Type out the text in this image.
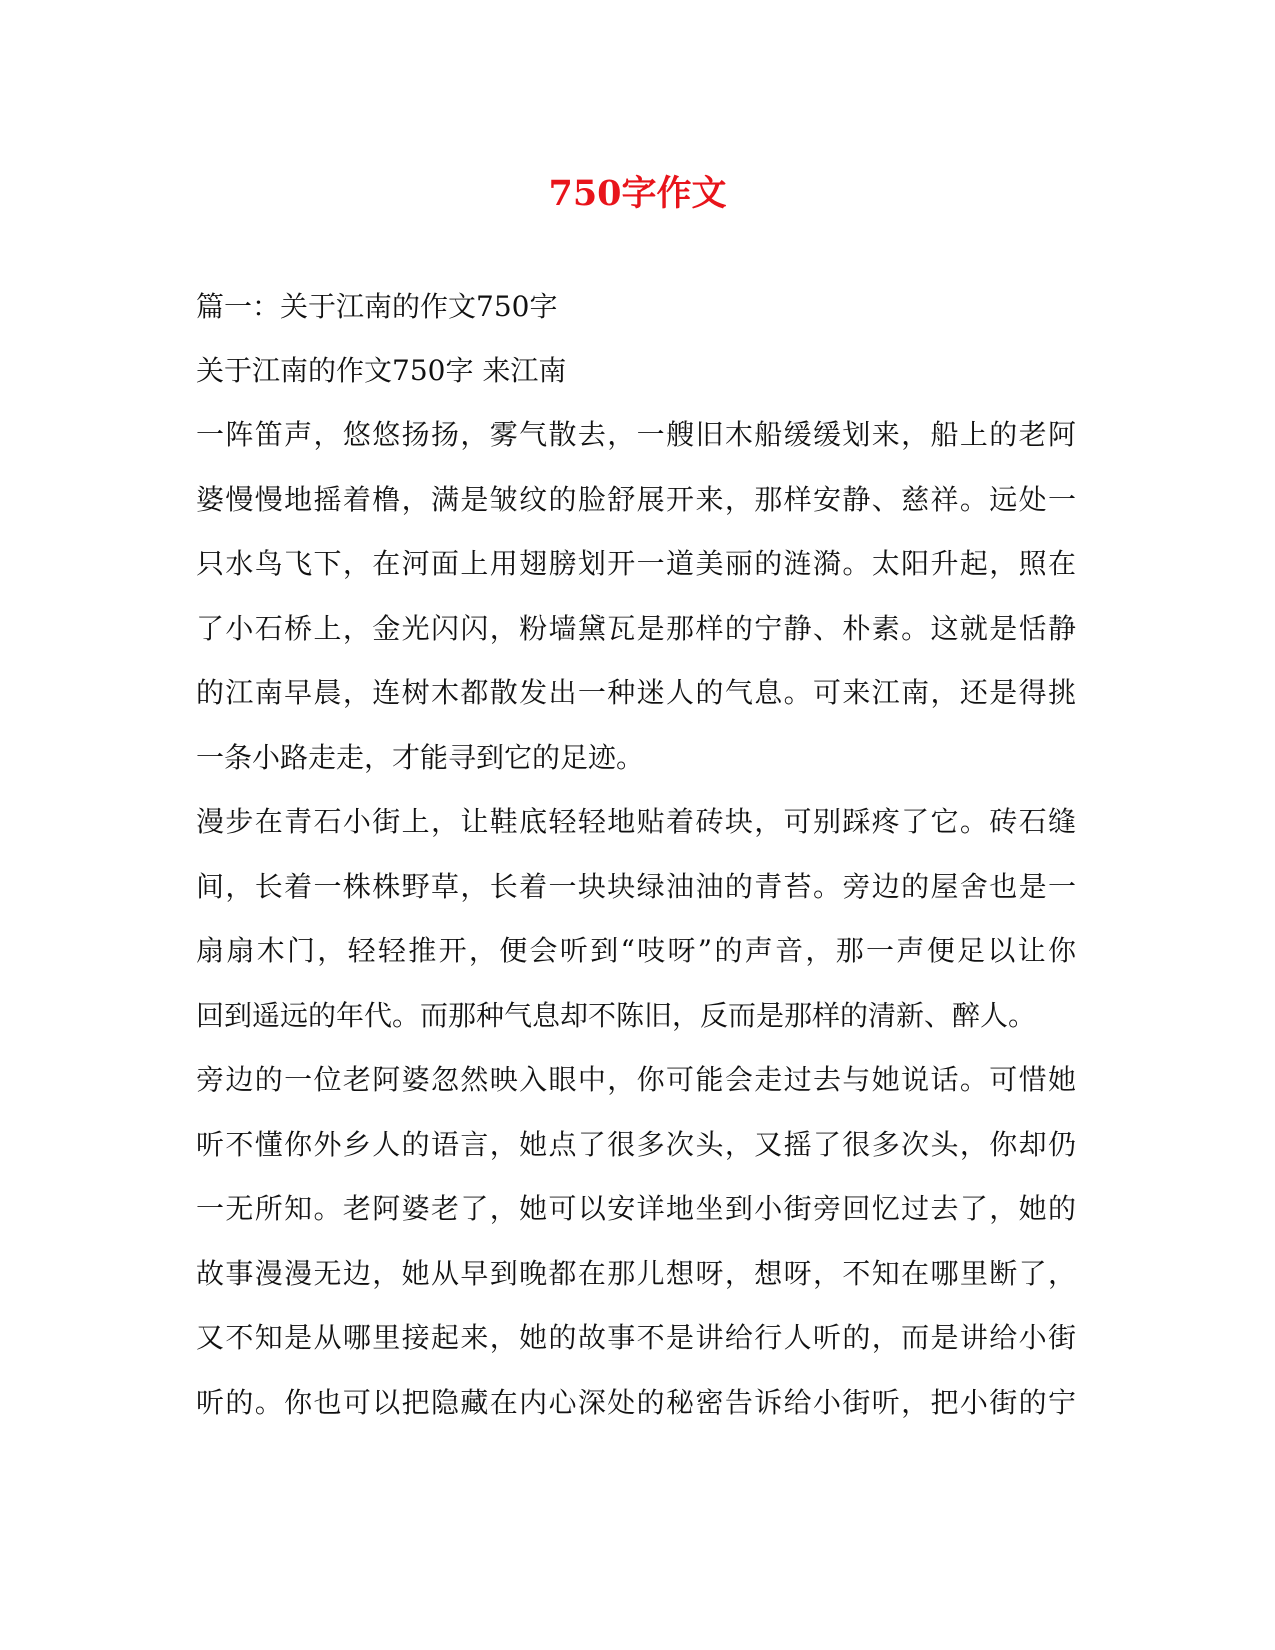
750字作文

篇一：关于江南的作文750字

关于江南的作文750字 来江南

一阵笛声，悠悠扬扬，雾气散去，一艘旧木船缓缓划来，船上的老阿
婆慢慢地摇着橹，满是皱纹的脸舒展开来，那样安静、慈祥。远处一
只水鸟飞下，在河面上用翅膀划开一道美丽的涟漪。太阳升起，照在
了小石桥上，金光闪闪，粉墙黛瓦是那样的宁静、朴素。这就是恬静
的江南早晨，连树木都散发出一种迷人的气息。可来江南，还是得挑
一条小路走走，才能寻到它的足迹。

漫步在青石小街上，让鞋底轻轻地贴着砖块，可别踩疼了它。砖石缝
间，长着一株株野草，长着一块块绿油油的青苔。旁边的屋舍也是一
扇扇木门，轻轻推开，便会听到“吱呀”的声音，那一声便足以让你
回到遥远的年代。而那种气息却不陈旧，反而是那样的清新、醉人。

旁边的一位老阿婆忽然映入眼中，你可能会走过去与她说话。可惜她
听不懂你外乡人的语言，她点了很多次头，又摇了很多次头，你却仍
一无所知。老阿婆老了，她可以安详地坐到小街旁回忆过去了，她的
故事漫漫无边，她从早到晚都在那儿想呀，想呀，不知在哪里断了，
又不知是从哪里接起来，她的故事不是讲给行人听的，而是讲给小街
听的。你也可以把隐藏在内心深处的秘密告诉给小街听，把小街的宁
